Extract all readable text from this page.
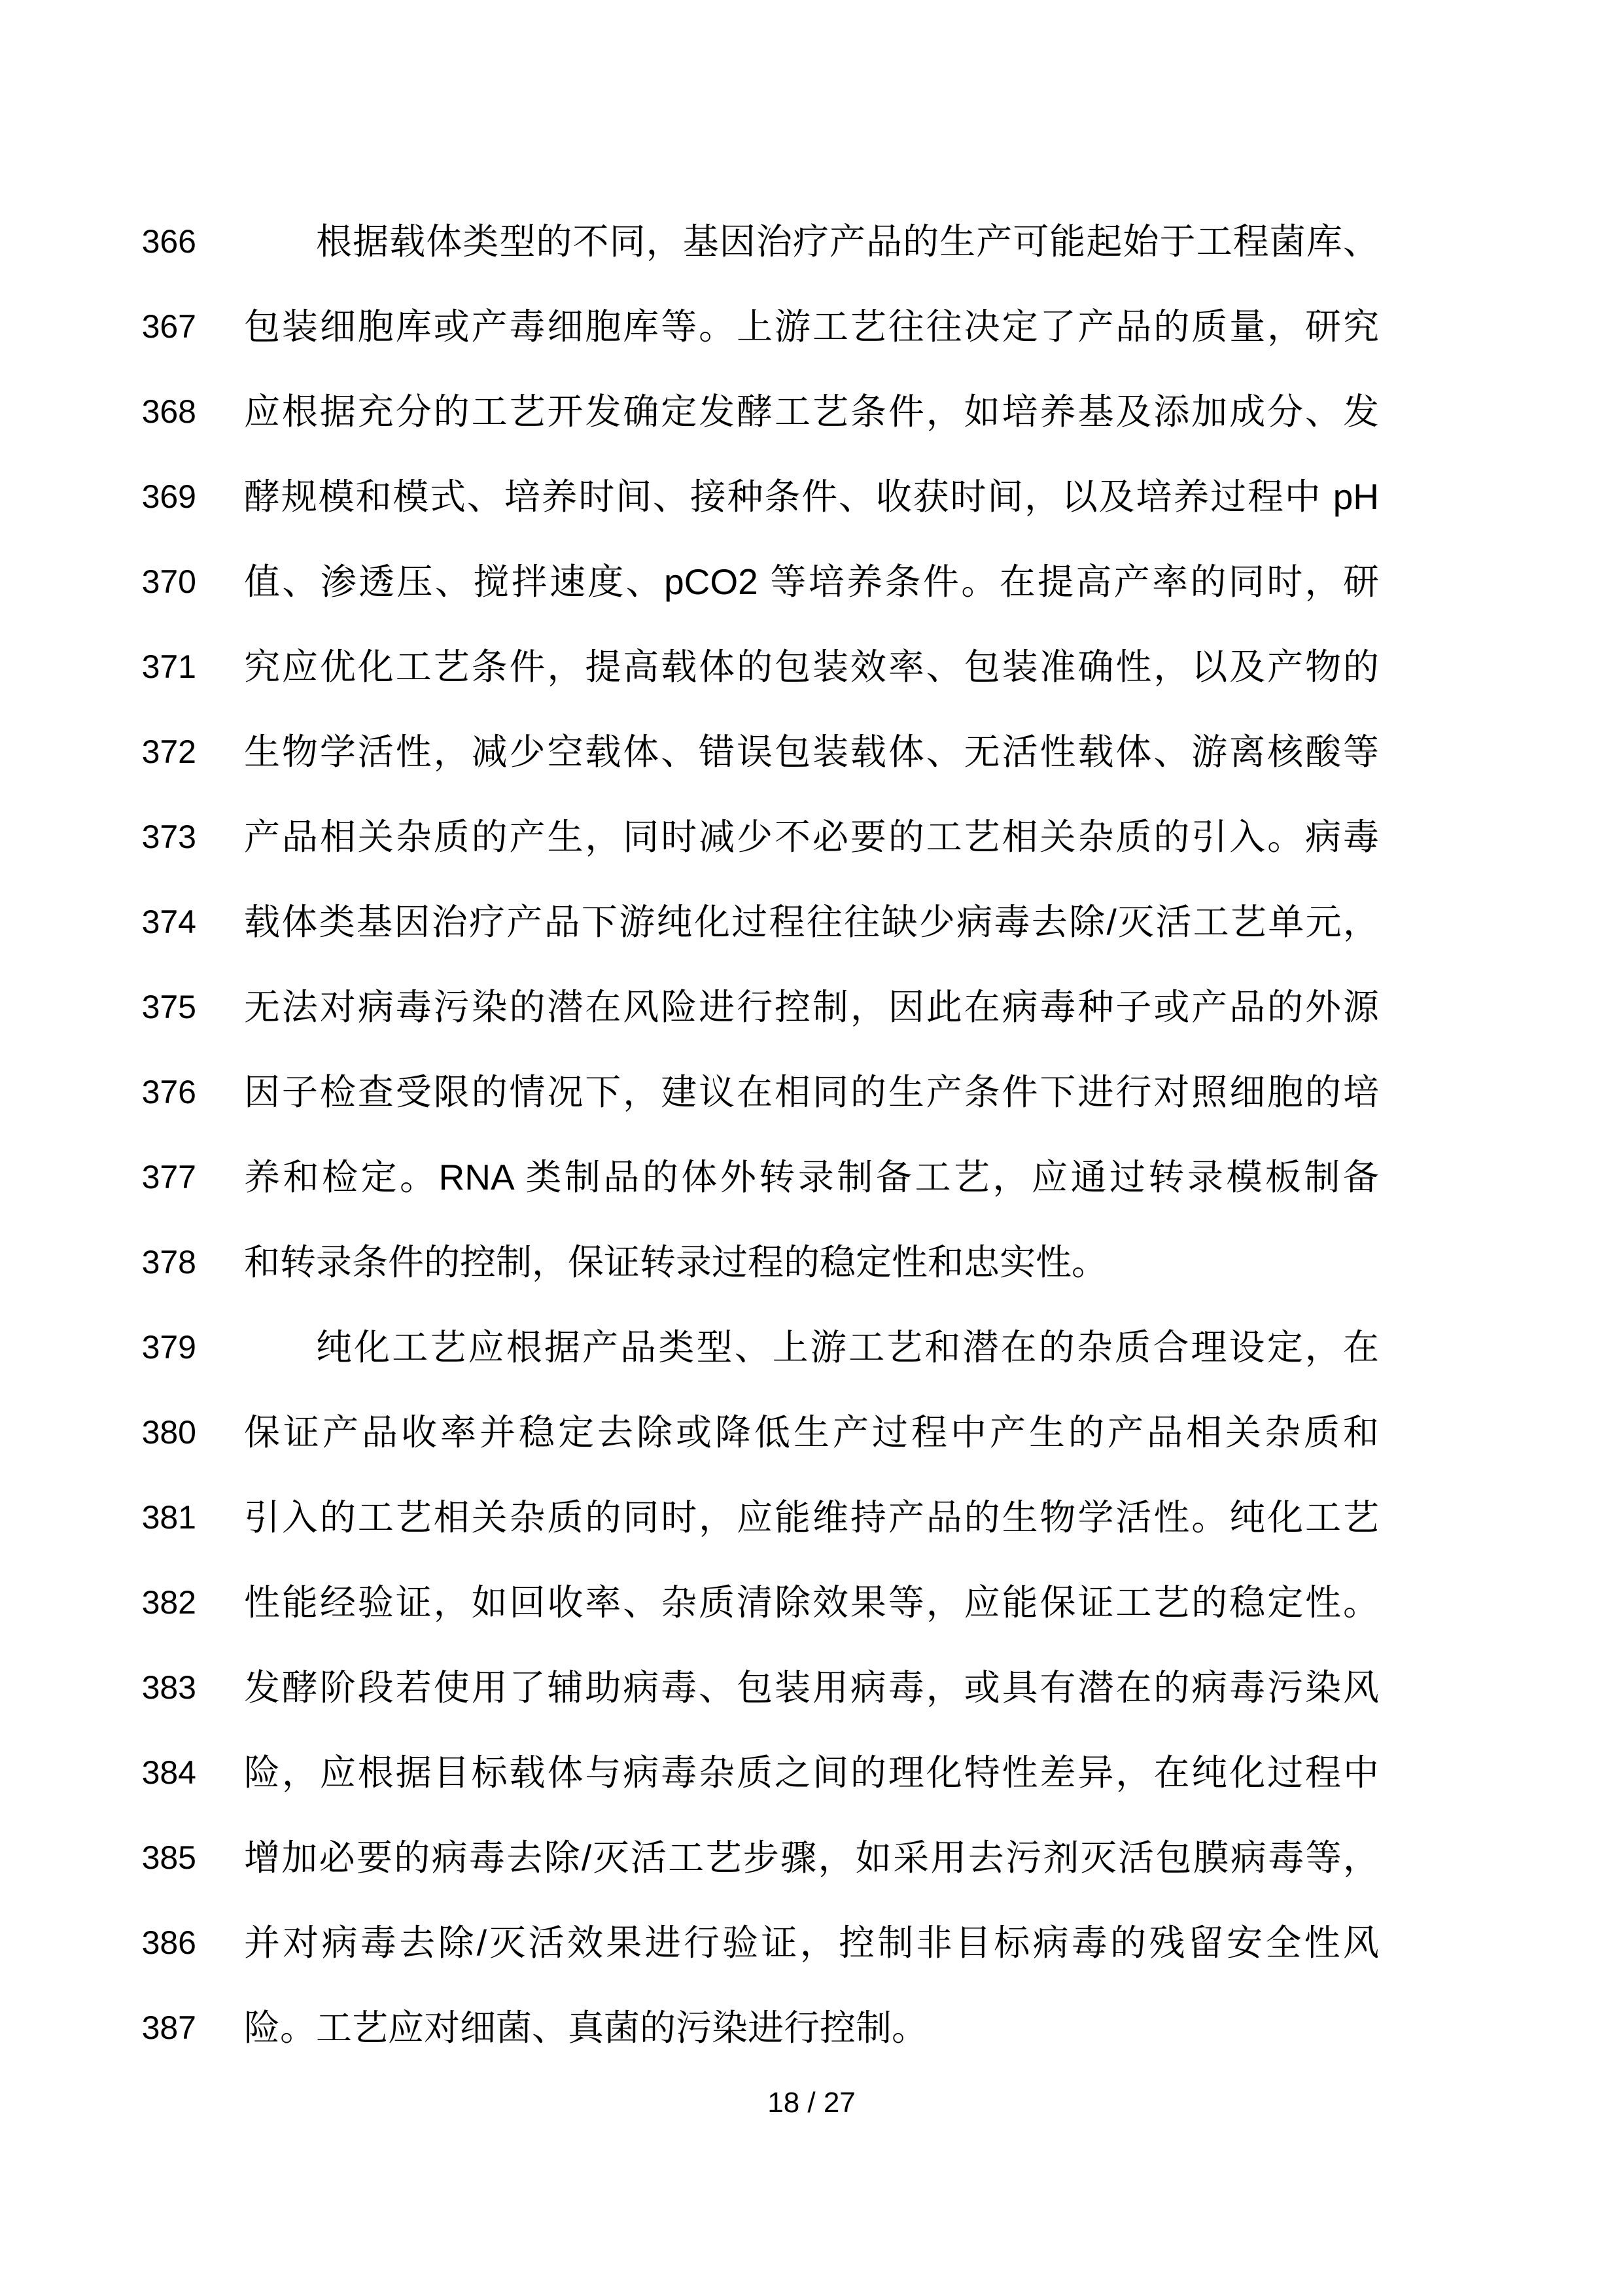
366	根据载体类型的不同，基因治疗产品的生产可能起始于工程菌库、
367 包装细胞库或产毒细胞库等。上游工艺往往决定了产品的质量，研究
368 应根据充分的工艺开发确定发酵工艺条件，如培养基及添加成分、发
369 酵规模和模式、培养时间、接种条件、收获时间，以及培养过程中 pH
370 值、渗透压、搅拌速度、pCO2 等培养条件。在提高产率的同时，研
371 究应优化工艺条件，提高载体的包装效率、包装准确性，以及产物的
372 生物学活性，减少空载体、错误包装载体、无活性载体、游离核酸等
373 产品相关杂质的产生，同时减少不必要的工艺相关杂质的引入。病毒
374 载体类基因治疗产品下游纯化过程往往缺少病毒去除/灭活工艺单元，
375 无法对病毒污染的潜在风险进行控制，因此在病毒种子或产品的外源
376 因子检查受限的情况下，建议在相同的生产条件下进行对照细胞的培
377 养和检定。RNA 类制品的体外转录制备工艺，应通过转录模板制备
378 和转录条件的控制，保证转录过程的稳定性和忠实性。
379	纯化工艺应根据产品类型、上游工艺和潜在的杂质合理设定，在
380 保证产品收率并稳定去除或降低生产过程中产生的产品相关杂质和
381 引入的工艺相关杂质的同时，应能维持产品的生物学活性。纯化工艺
382 性能经验证，如回收率、杂质清除效果等，应能保证工艺的稳定性。
383 发酵阶段若使用了辅助病毒、包装用病毒，或具有潜在的病毒污染风
384 险，应根据目标载体与病毒杂质之间的理化特性差异，在纯化过程中
385 增加必要的病毒去除/灭活工艺步骤，如采用去污剂灭活包膜病毒等，
386 并对病毒去除/灭活效果进行验证，控制非目标病毒的残留安全性风
387 险。工艺应对细菌、真菌的污染进行控制。
18 / 27
